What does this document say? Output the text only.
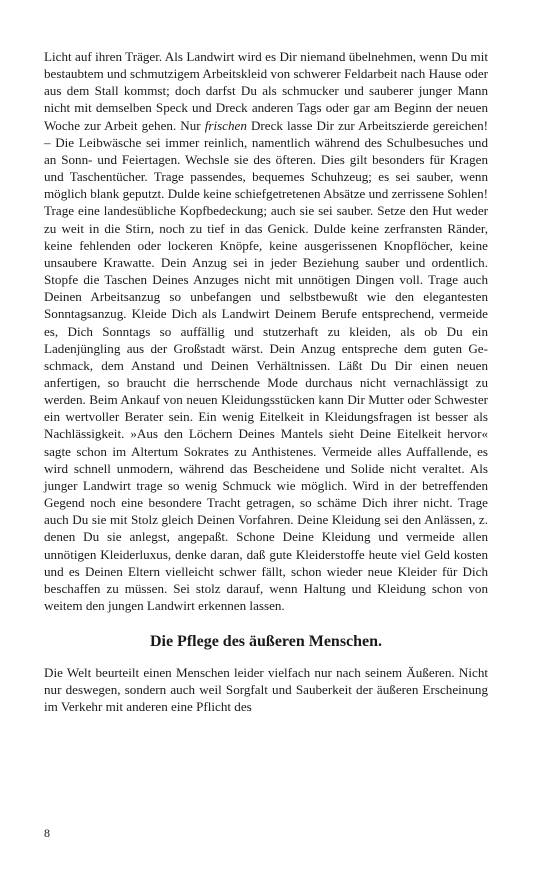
Licht auf ihren Träger. Als Landwirt wird es Dir niemand übelnehmen, wenn Du mit bestaubtem und schmutzigem Arbeitskleid von schwerer Feldarbeit nach Hause oder aus dem Stall kommst; doch darfst Du als schmucker und sauberer junger Mann nicht mit demselben Speck und Dreck anderen Tags oder gar am Beginn der neuen Woche zur Arbeit gehen. Nur frischen Dreck lasse Dir zur Arbeitszierde gereichen! – Die Leibwäsche sei immer reinlich, namentlich während des Schulbesuches und an Sonn- und Feiertagen. Wechsle sie des öfteren. Dies gilt besonders für Kragen und Taschentücher. Trage passendes, bequemes Schuhzeug; es sei sauber, wenn möglich blank geputzt. Dulde keine schiefgetretenen Absätze und zerrissene Sohlen! Trage eine landesübliche Kopfbedeckung; auch sie sei sauber. Setze den Hut weder zu weit in die Stirn, noch zu tief in das Genick. Dulde keine zerfransten Ränder, keine fehlenden oder lockeren Knöpfe, keine ausgerissenen Knopflöcher, keine unsaubere Krawatte. Dein Anzug sei in jeder Beziehung sauber und ordentlich. Stopfe die Taschen Deines Anzuges nicht mit unnötigen Dingen voll. Trage auch Deinen Arbeitsanzug so unbefangen und selbstbewußt wie den elegantesten Sonntagsanzug. Kleide Dich als Landwirt Deinem Berufe entsprechend, vermeide es, Dich Sonntags so auffällig und stutzerhaft zu kleiden, als ob Du ein Ladenjüngling aus der Großstadt wärst. Dein Anzug entspreche dem guten Geschmack, dem Anstand und Deinen Verhältnissen. Läßt Du Dir einen neuen anfertigen, so braucht die herrschende Mode durchaus nicht vernachlässigt zu werden. Beim Ankauf von neuen Kleidungsstücken kann Dir Mutter oder Schwester ein wertvoller Berater sein. Ein wenig Eitelkeit in Kleidungsfragen ist besser als Nachlässigkeit. »Aus den Löchern Deines Mantels sieht Deine Eitelkeit hervor« sagte schon im Altertum Sokrates zu Anthistenes. Vermeide alles Auffallende, es wird schnell unmodern, während das Bescheidene und Solide nicht veraltet. Als junger Landwirt trage so wenig Schmuck wie möglich. Wird in der betreffenden Gegend noch eine besondere Tracht getragen, so schäme Dich ihrer nicht. Trage auch Du sie mit Stolz gleich Deinen Vorfahren. Deine Kleidung sei den Anlässen, z. denen Du sie anlegst, angepaßt. Schone Deine Kleidung und vermeide allen unnötigen Kleiderluxus, denke daran, daß gute Kleiderstoffe heute viel Geld kosten und es Deinen Eltern vielleicht schwer fällt, schon wieder neue Kleider für Dich beschaffen zu müssen. Sei stolz darauf, wenn Haltung und Kleidung schon von weitem den jungen Landwirt erkennen lassen.

Die Pflege des äußeren Menschen.

Die Welt beurteilt einen Menschen leider vielfach nur nach seinem Äußeren. Nicht nur deswegen, sondern auch weil Sorgfalt und Sauberkeit der äußeren Erscheinung im Verkehr mit anderen eine Pflicht des

8
